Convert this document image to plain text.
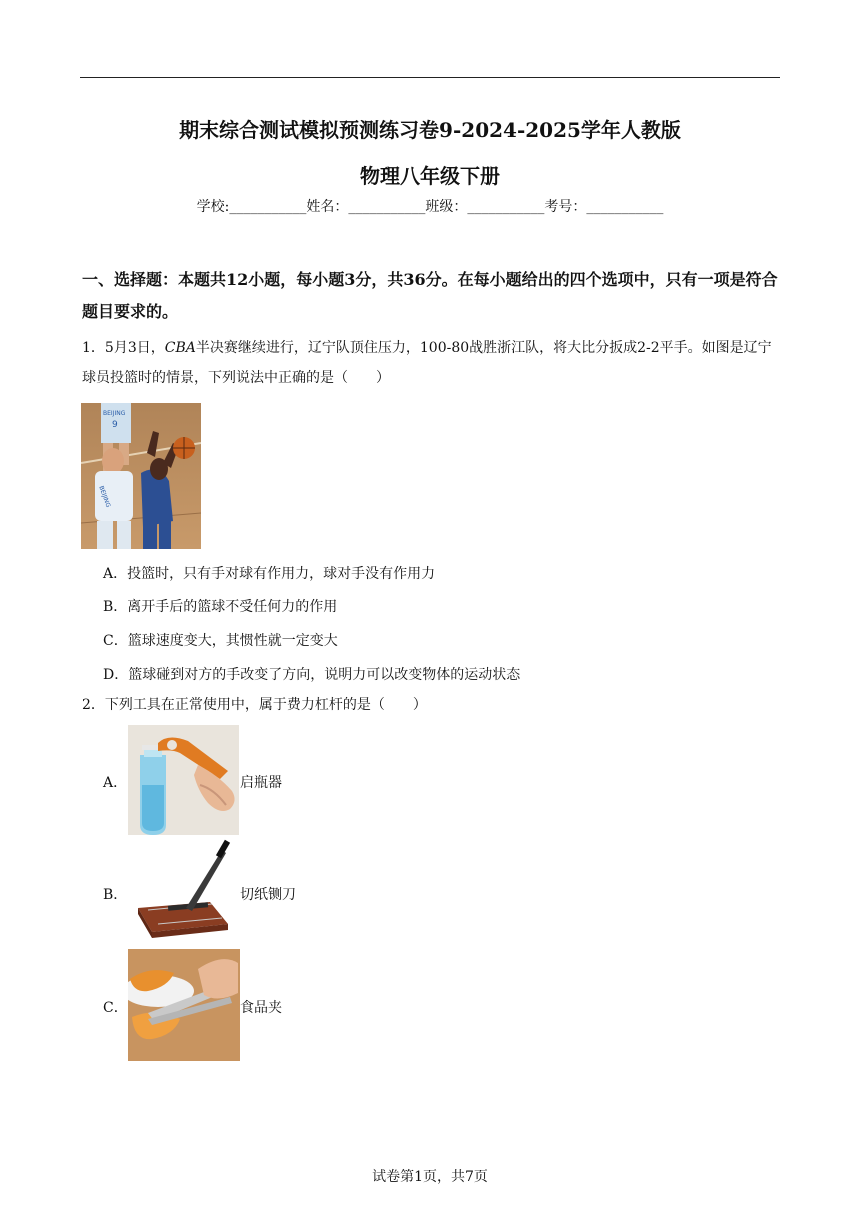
期末综合测试模拟预测练习卷9-2024-2025学年人教版
物理八年级下册
学校:___________姓名：___________班级：___________考号：___________
一、选择题：本题共12小题，每小题3分，共36分。在每小题给出的四个选项中，只有一项是符合题目要求的。
1．5月3日，CBA半决赛继续进行，辽宁队顶住压力，100-80战胜浙江队，将大比分扳成2-2平手。如图是辽宁球员投篮时的情景，下列说法中正确的是（　　）
BEIJING
9
BEIJING
A．投篮时，只有手对球有作用力，球对手没有作用力
B．离开手后的篮球不受任何力的作用
C．篮球速度变大，其惯性就一定变大
D．篮球碰到对方的手改变了方向，说明力可以改变物体的运动状态
2．下列工具在正常使用中，属于费力杠杆的是（　　）
A．	启瓶器
B．	切纸铡刀
C．	食品夹
试卷第1页，共7页
